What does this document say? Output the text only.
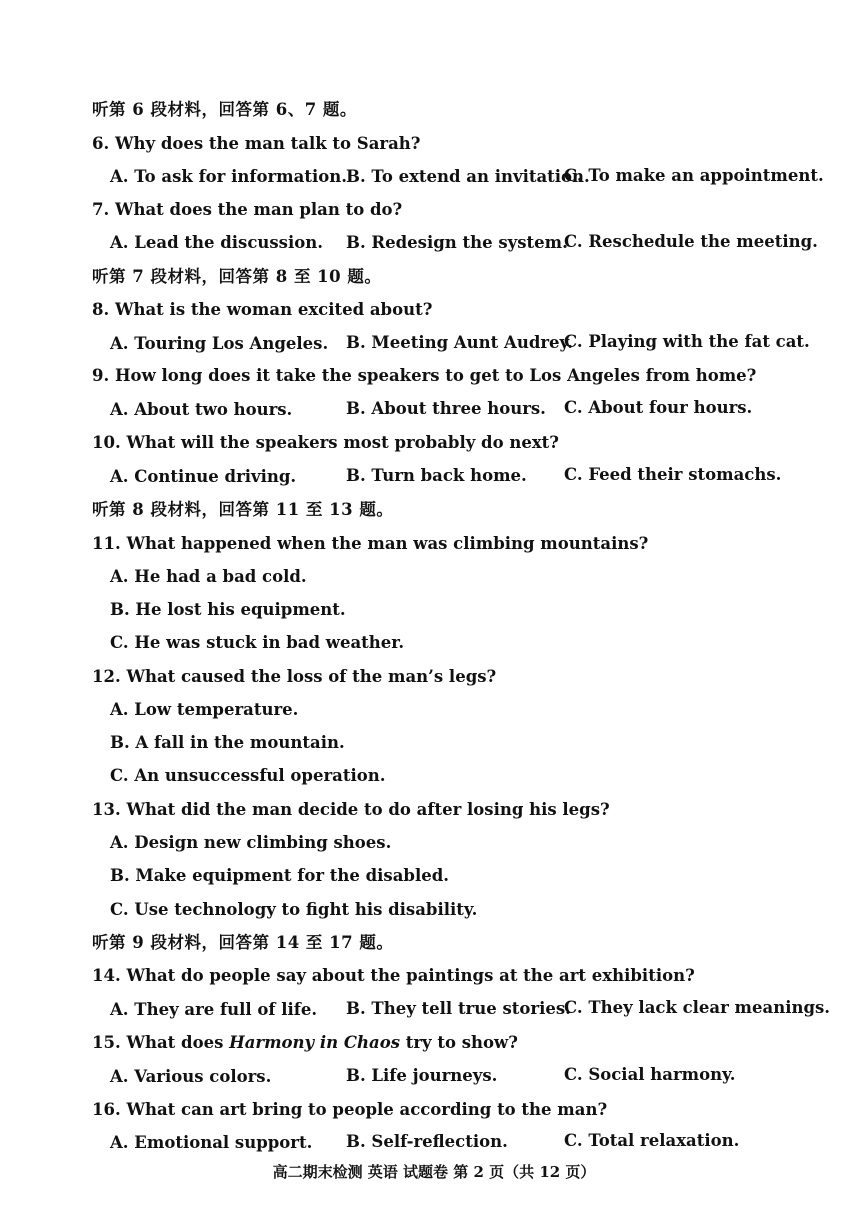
听第 6 段材料，回答第 6、7 题。
6. Why does the man talk to Sarah?
A. To ask for information. B. To extend an invitation.
C. To make an appointment.
7. What does the man plan to do?
A. Lead the discussion. B. Redesign the system.
C. Reschedule the meeting.
听第 7 段材料，回答第 8 至 10 题。
8. What is the woman excited about?
A. Touring Los Angeles. B. Meeting Aunt Audrey.
C. Playing with the fat cat.
9. How long does it take the speakers to get to Los Angeles from home?
A. About two hours.	B. About three hours. C. About four hours.
10. What will the speakers most probably do next?
A. Continue driving.	B. Turn back home. C. Feed their stomachs.
听第 8 段材料，回答第 11 至 13 题。
11. What happened when the man was climbing mountains?
A. He had a bad cold.
B. He lost his equipment.
C. He was stuck in bad weather.
12. What caused the loss of the man’s legs?
A. Low temperature.
B. A fall in the mountain.
C. An unsuccessful operation.
13. What did the man decide to do after losing his legs?
A. Design new climbing shoes.
B. Make equipment for the disabled.
C. Use technology to fight his disability.
听第 9 段材料，回答第 14 至 17 题。
14. What do people say about the paintings at the art exhibition?
A. They are full of life. B. They tell true stories.
C. They lack clear meanings.
15. What does Harmony in Chaos try to show?
A. Various colors.	B. Life journeys.	C. Social harmony.
16. What can art bring to people according to the man?
A. Emotional support. B. Self-reflection.	C. Total relaxation.
高二期末检测 英语 试题卷 第 2 页（共 12 页）
